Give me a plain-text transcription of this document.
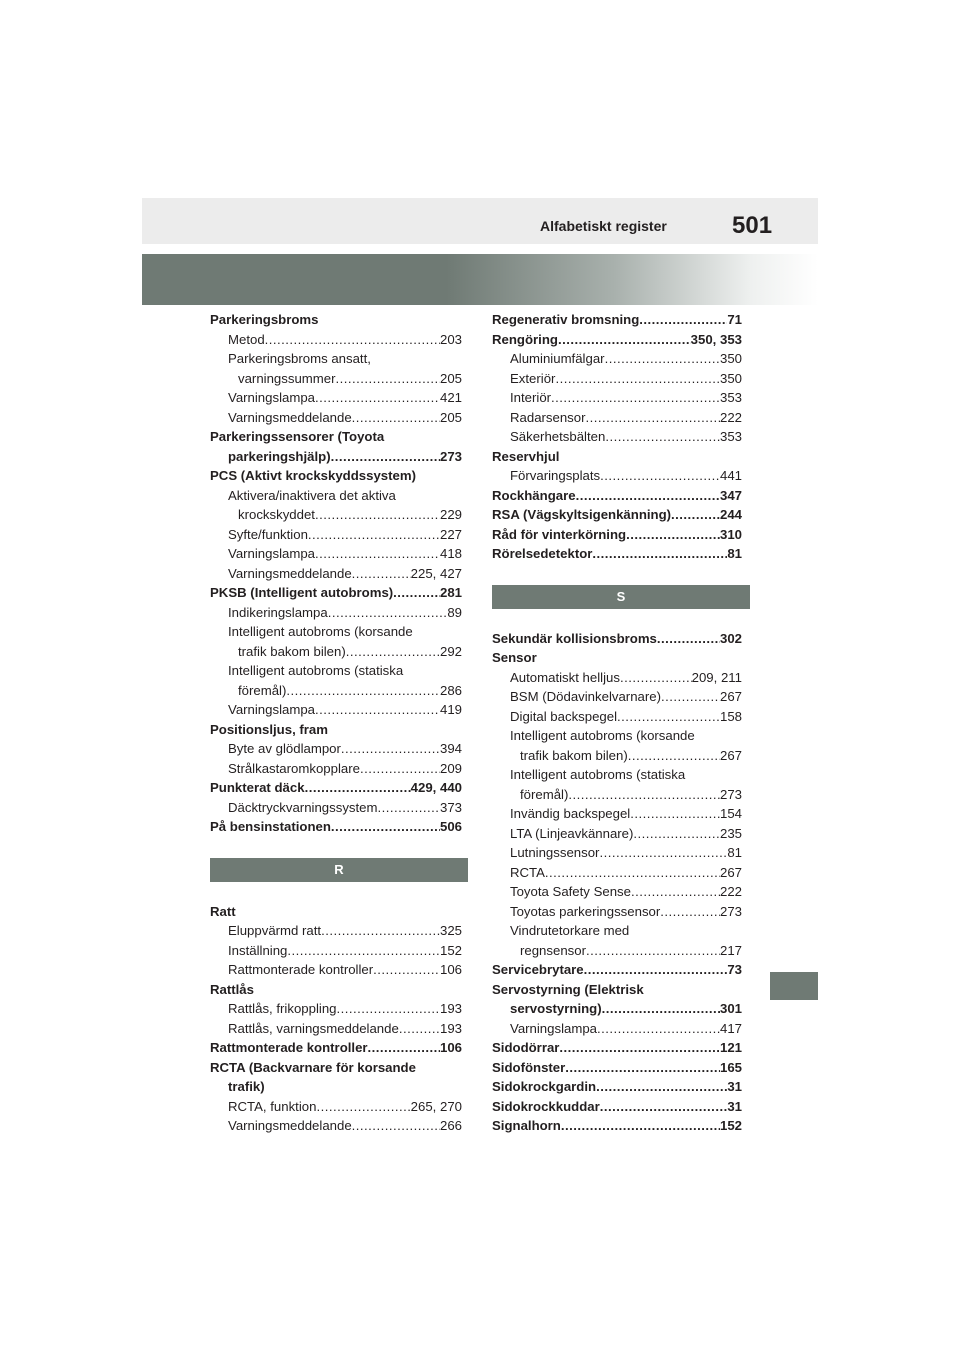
Alfabetiskt register	501
Parkeringsbroms
Metod . . .	203
Parkeringsbroms ansatt,
varningssummer . . .	205
Varningslampa . . .	421
Varningsmeddelande . . .	205
Parkeringssensorer (Toyota
parkeringshjälp) . . .	273
PCS (Aktivt krockskyddssystem)
Aktivera/inaktivera det aktiva
krockskyddet . . .	229
Syfte/funktion . . .	227
Varningslampa . . .	418
Varningsmeddelande . . .	225, 427
PKSB (Intelligent autobroms) . . .	281
Indikeringslampa . . .	89
Intelligent autobroms (korsande
trafik bakom bilen) . . .	292
Intelligent autobroms (statiska
föremål) . . .	286
Varningslampa . . .	419
Positionsljus, fram
Byte av glödlampor . . .	394
Strålkastaromkopplare . . .	209
Punkterat däck . . .	429, 440
Däcktryckvarningssystem . . .	373
På bensinstationen . . .	506
R
Ratt
Eluppvärmd ratt . . .	325
Inställning . . .	152
Rattmonterade kontroller . . .	106
Rattlås
Rattlås, frikoppling . . .	193
Rattlås, varningsmeddelande . . .	193
Rattmonterade kontroller . . .	106
RCTA (Backvarnare för korsande
trafik)
RCTA, funktion . . .	265, 270
Varningsmeddelande . . .	266
Regenerativ bromsning . . .	71
Rengöring . . .	350, 353
Aluminiumfälgar . . .	350
Exteriör . . .	350
Interiör . . .	353
Radarsensor . . .	222
Säkerhetsbälten . . .	353
Reservhjul
Förvaringsplats . . .	441
Rockhängare . . .	347
RSA (Vägskyltsigenkänning) . . .	244
Råd för vinterkörning . . .	310
Rörelsedetektor . . .	81
S
Sekundär kollisionsbroms . . .	302
Sensor
Automatiskt helljus . . .	209, 211
BSM (Dödavinkelvarnare) . . .	267
Digital backspegel . . .	158
Intelligent autobroms (korsande
trafik bakom bilen) . . .	267
Intelligent autobroms (statiska
föremål) . . .	273
Invändig backspegel . . .	154
LTA (Linjeavkännare) . . .	235
Lutningssensor . . .	81
RCTA . . .	267
Toyota Safety Sense . . .	222
Toyotas parkeringssensor . . .	273
Vindrutetorkare med
regnsensor . . .	217
Servicebrytare . . .	73
Servostyrning (Elektrisk
servostyrning) . . .	301
Varningslampa . . .	417
Sidodörrar . . .	121
Sidofönster . . .	165
Sidokrockgardin . . .	31
Sidokrockkuddar . . .	31
Signalhorn . . .	152
